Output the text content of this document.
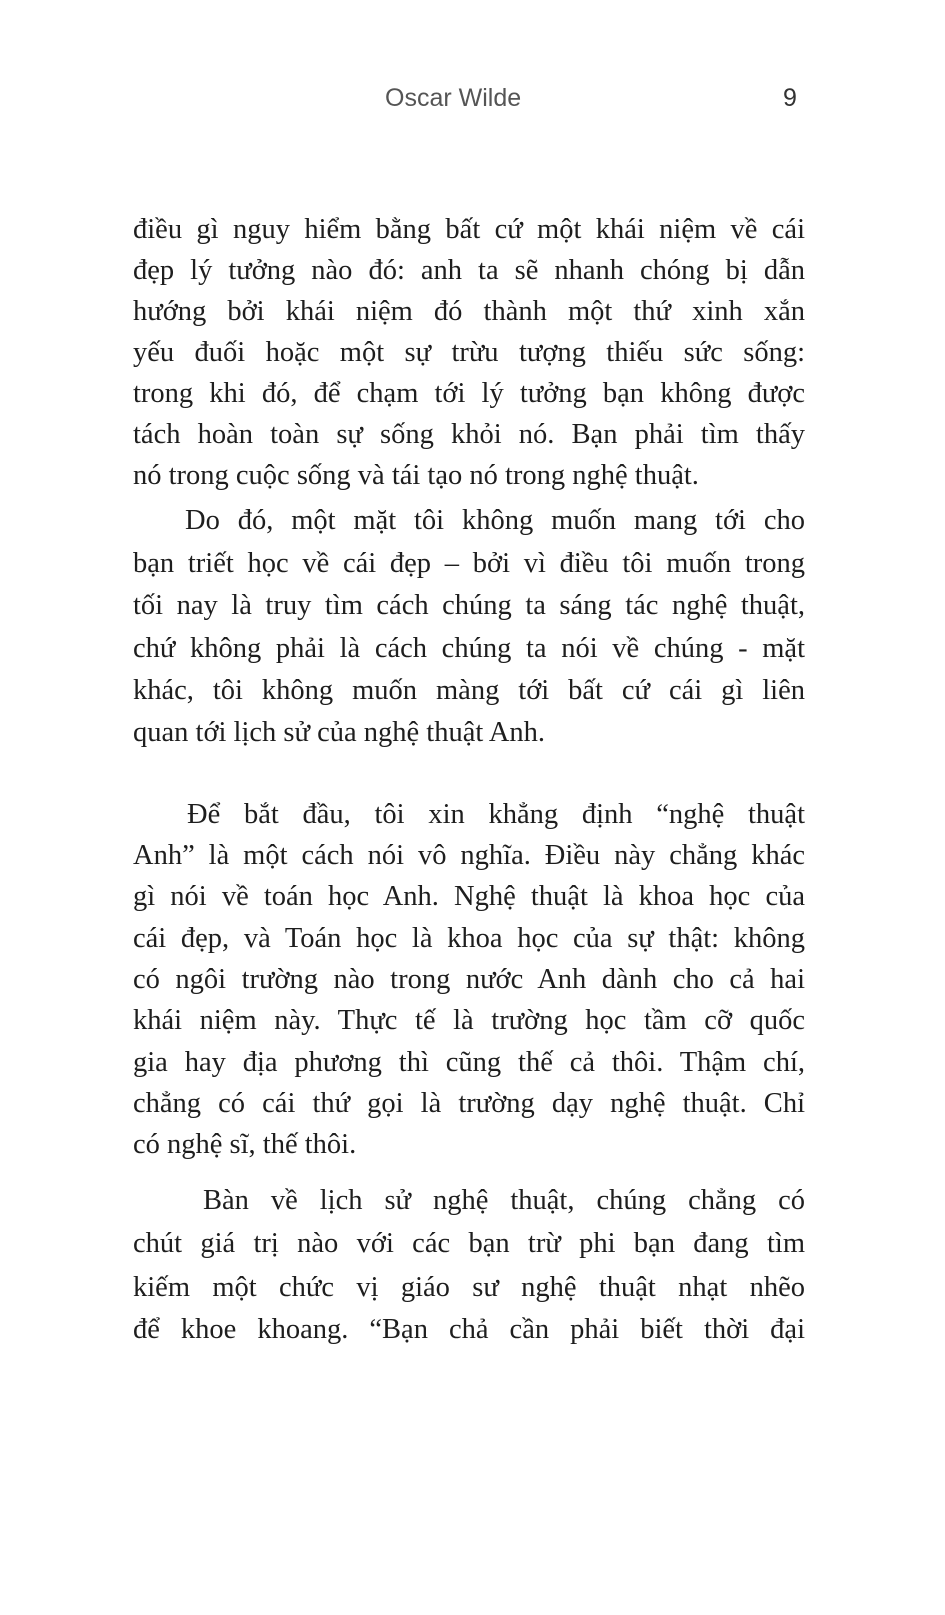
Oscar Wilde	9
điều gì nguy hiểm bằng bất cứ một khái niệm về cái
đẹp lý tưởng nào đó: anh ta sẽ nhanh chóng bị dẫn
hướng bởi khái niệm đó thành một thứ xinh xắn
yếu đuối hoặc một sự trừu tượng thiếu sức sống:
trong khi đó, để chạm tới lý tưởng bạn không được
tách hoàn toàn sự sống khỏi nó. Bạn phải tìm thấy
nó trong cuộc sống và tái tạo nó trong nghệ thuật.
Do đó, một mặt tôi không muốn mang tới cho
bạn triết học về cái đẹp – bởi vì điều tôi muốn trong
tối nay là truy tìm cách chúng ta sáng tác nghệ thuật,
chứ không phải là cách chúng ta nói về chúng - mặt
khác, tôi không muốn màng tới bất cứ cái gì liên
quan tới lịch sử của nghệ thuật Anh.
Để bắt đầu, tôi xin khẳng định “nghệ thuật
Anh” là một cách nói vô nghĩa. Điều này chẳng khác
gì nói về toán học Anh. Nghệ thuật là khoa học của
cái đẹp, và Toán học là khoa học của sự thật: không
có ngôi trường nào trong nước Anh dành cho cả hai
khái niệm này. Thực tế là trường học tầm cỡ quốc
gia hay địa phương thì cũng thế cả thôi. Thậm chí,
chẳng có cái thứ gọi là trường dạy nghệ thuật. Chỉ
có nghệ sĩ, thế thôi.
Bàn về lịch sử nghệ thuật, chúng chẳng có
chút giá trị nào với các bạn trừ phi bạn đang tìm
kiếm một chức vị giáo sư nghệ thuật nhạt nhẽo
để khoe khoang. “Bạn chả cần phải biết thời đại
